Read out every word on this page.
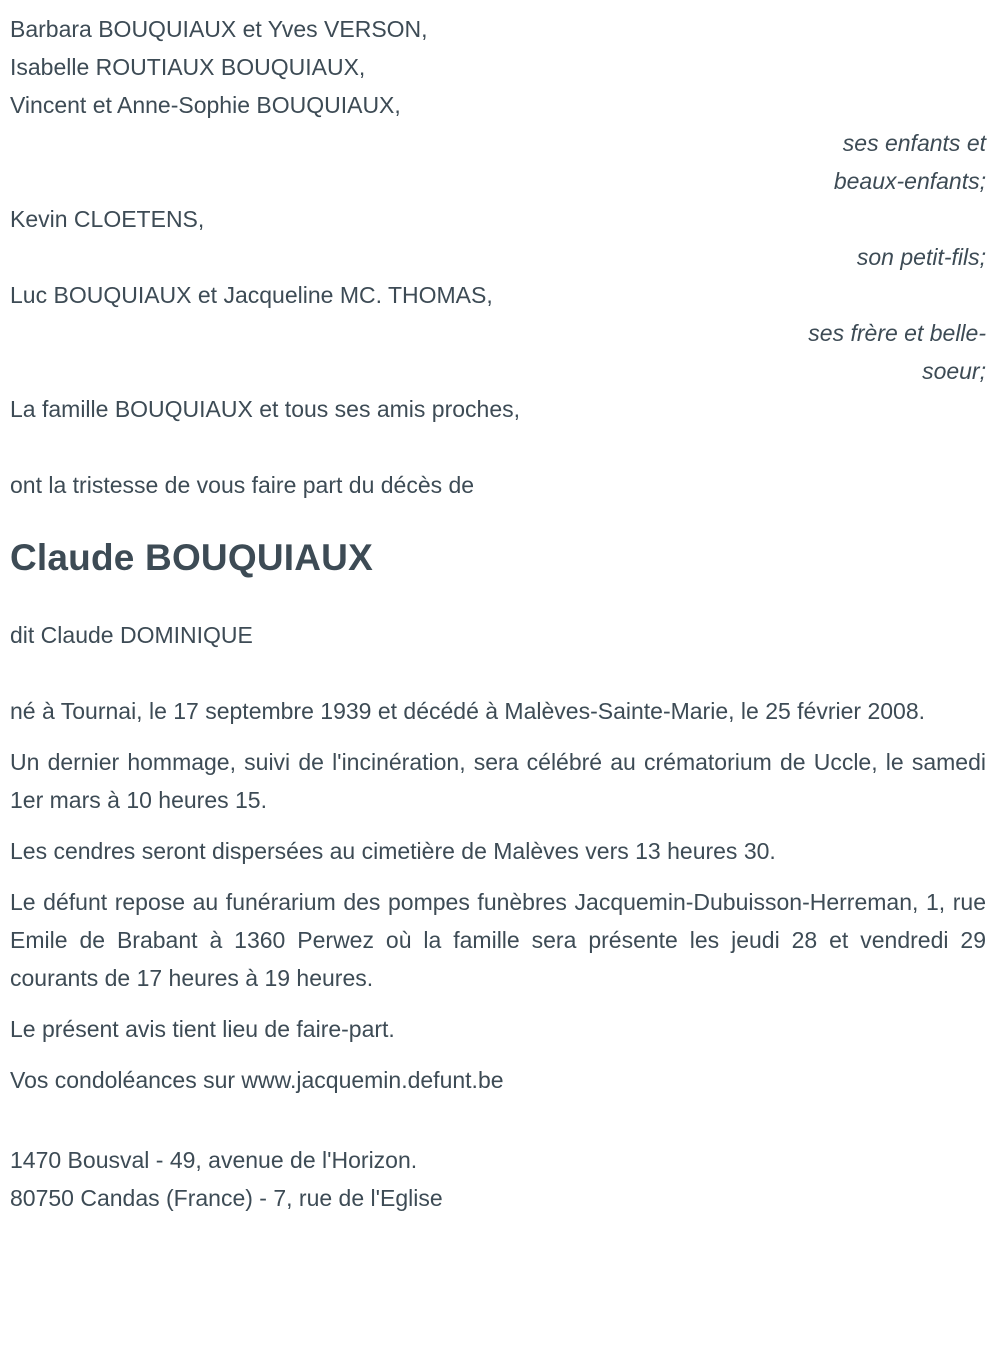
Barbara BOUQUIAUX et Yves VERSON,
Isabelle ROUTIAUX BOUQUIAUX,
Vincent et Anne-Sophie BOUQUIAUX,
ses enfants et
beaux-enfants;
Kevin CLOETENS,
son petit-fils;
Luc BOUQUIAUX et Jacqueline MC. THOMAS,
ses frère et belle-
soeur;
La famille BOUQUIAUX et tous ses amis proches,
ont la tristesse de vous faire part du décès de
Claude BOUQUIAUX
dit Claude DOMINIQUE

né à Tournai, le 17 septembre 1939 et décédé à Malèves-Sainte-Marie, le 25 février 2008.

Un dernier hommage, suivi de l'incinération, sera célébré au crématorium de Uccle, le samedi 1er mars à 10 heures 15.

Les cendres seront dispersées au cimetière de Malèves vers 13 heures 30.

Le défunt repose au funérarium des pompes funèbres Jacquemin-Dubuisson-Herreman, 1, rue Emile de Brabant à 1360 Perwez où la famille sera présente les jeudi 28 et vendredi 29 courants de 17 heures à 19 heures.

Le présent avis tient lieu de faire-part.

Vos condoléances sur www.jacquemin.defunt.be

1470 Bousval - 49, avenue de l'Horizon.
80750 Candas (France) - 7, rue de l'Eglise
